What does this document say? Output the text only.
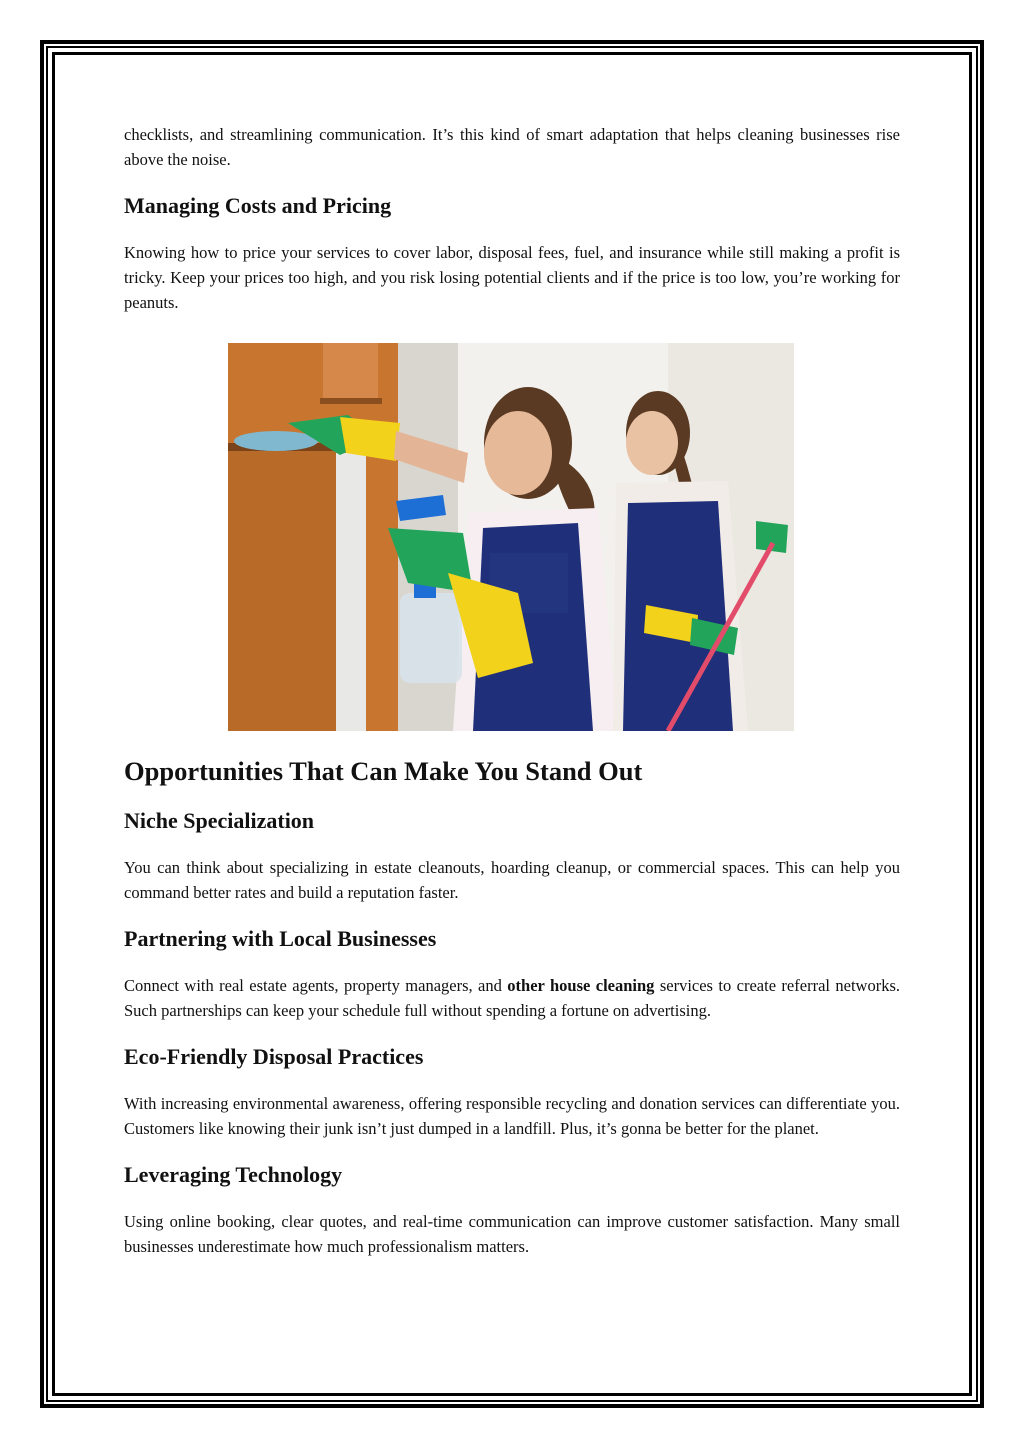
checklists, and streamlining communication. It’s this kind of smart adaptation that helps cleaning businesses rise above the noise.

Managing Costs and Pricing

Knowing how to price your services to cover labor, disposal fees, fuel, and insurance while still making a profit is tricky. Keep your prices too high, and you risk losing potential clients and if the price is too low, you’re working for peanuts.

Opportunities That Can Make You Stand Out
Niche Specialization

You can think about specializing in estate cleanouts, hoarding cleanup, or commercial spaces. This can help you command better rates and build a reputation faster.

Partnering with Local Businesses

Connect with real estate agents, property managers, and other house cleaning services to create referral networks. Such partnerships can keep your schedule full without spending a fortune on advertising.

Eco-Friendly Disposal Practices

With increasing environmental awareness, offering responsible recycling and donation services can differentiate you. Customers like knowing their junk isn’t just dumped in a landfill. Plus, it’s gonna be better for the planet.

Leveraging Technology

Using online booking, clear quotes, and real-time communication can improve customer satisfaction. Many small businesses underestimate how much professionalism matters.
